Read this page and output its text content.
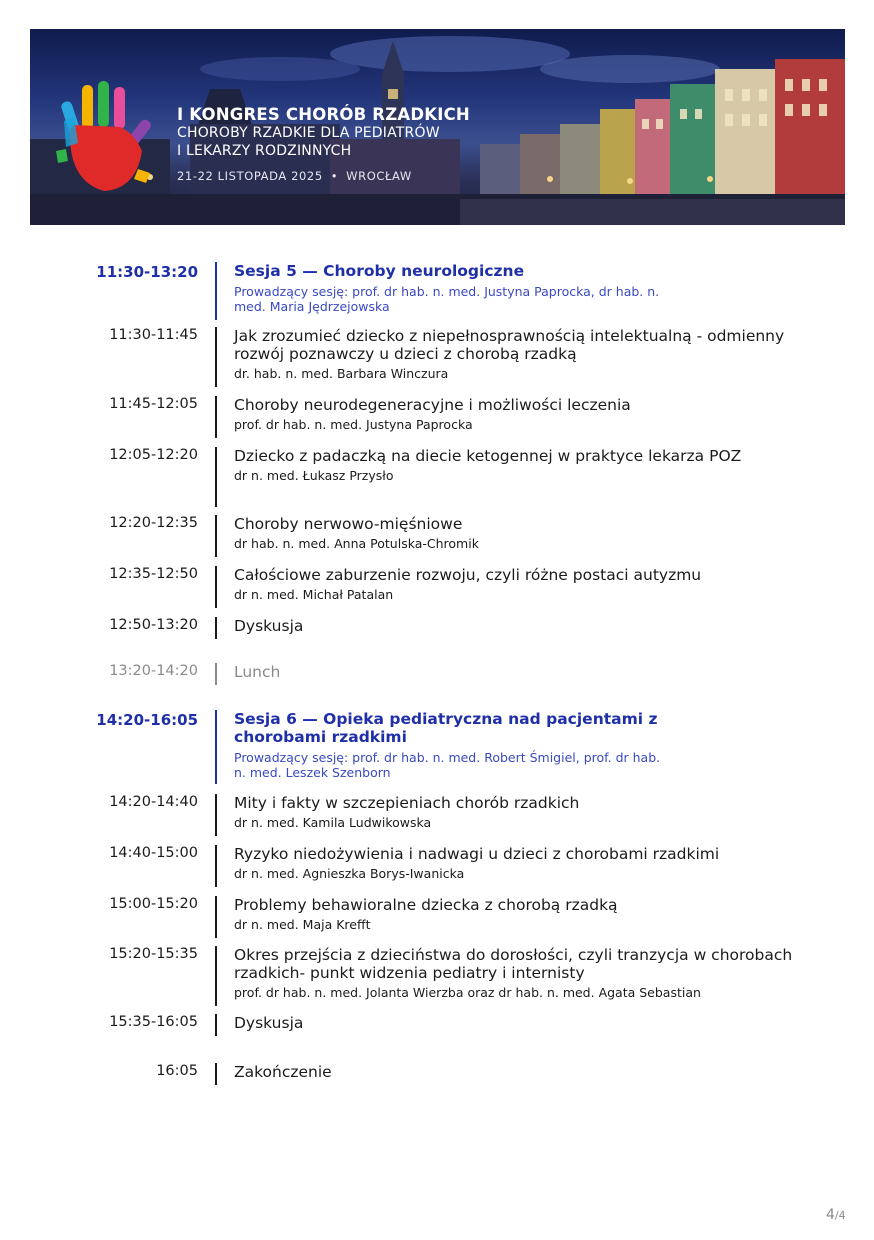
I KONGRES CHORÓB RZADKICH
CHOROBY RZADKIE DLA PEDIATRÓW
I LEKARZY RODZINNYCH
21-22 LISTOPADA 2025 • WROCŁAW
11:30-13:20 Sesja 5 — Choroby neurologiczne
Prowadzący sesję: prof. dr hab. n. med. Justyna Paprocka, dr hab. n. med. Maria Jędrzejowska
11:30-11:45 Jak zrozumieć dziecko z niepełnosprawnością intelektualną - odmienny rozwój poznawczy u dzieci z chorobą rzadką
dr. hab. n. med. Barbara Winczura
11:45-12:05 Choroby neurodegeneracyjne i możliwości leczenia
prof. dr hab. n. med. Justyna Paprocka
12:05-12:20 Dziecko z padaczką na diecie ketogennej w praktyce lekarza POZ
dr n. med. Łukasz Przysło
12:20-12:35 Choroby nerwowo-mięśniowe
dr hab. n. med. Anna Potulska-Chromik
12:35-12:50 Całościowe zaburzenie rozwoju, czyli różne postaci autyzmu
dr n. med. Michał Patalan
12:50-13:20 Dyskusja
13:20-14:20 Lunch
14:20-16:05 Sesja 6 — Opieka pediatryczna nad pacjentami z chorobami rzadkimi
Prowadzący sesję: prof. dr hab. n. med. Robert Śmigiel, prof. dr hab. n. med. Leszek Szenborn
14:20-14:40 Mity i fakty w szczepieniach chorób rzadkich
dr n. med. Kamila Ludwikowska
14:40-15:00 Ryzyko niedożywienia i nadwagi u dzieci z chorobami rzadkimi
dr n. med. Agnieszka Borys-Iwanicka
15:00-15:20 Problemy behawioralne dziecka z chorobą rzadką
dr n. med. Maja Krefft
15:20-15:35 Okres przejścia z dzieciństwa do dorosłości, czyli tranzycja w chorobach rzadkich- punkt widzenia pediatry i internisty
prof. dr hab. n. med. Jolanta Wierzba oraz dr hab. n. med. Agata Sebastian
15:35-16:05 Dyskusja
16:05 Zakończenie
4/4
